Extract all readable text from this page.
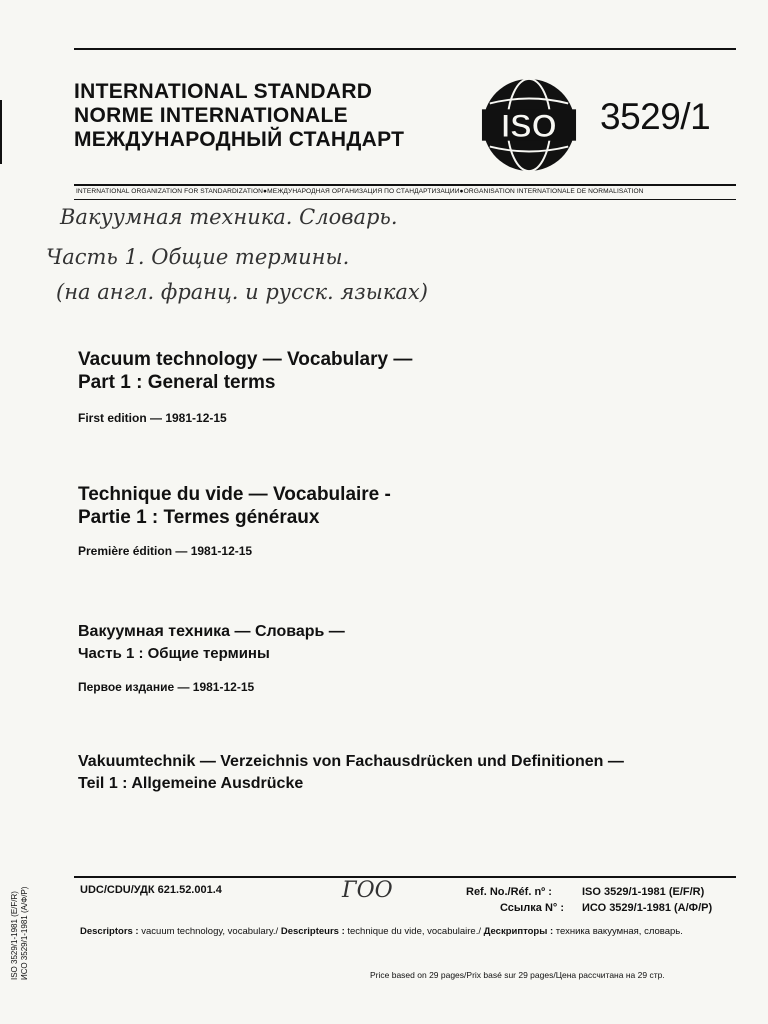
INTERNATIONAL STANDARD
NORME INTERNATIONALE
МЕЖДУНАРОДНЫЙ СТАНДАРТ	ISO 3529/1
INTERNATIONAL ORGANIZATION FOR STANDARDIZATION●МЕЖДУНАРОДНАЯ ОРГАНИЗАЦИЯ ПО СТАНДАРТИЗАЦИИ●ORGANISATION INTERNATIONALE DE NORMALISATION
Вакуумная техника. Словарь.
Часть 1. Общие термины.
(на англ. франц. и русск. языках)
Vacuum technology — Vocabulary —
Part 1 : General terms
First edition — 1981-12-15
Technique du vide — Vocabulaire -
Partie 1 : Termes généraux
Première édition — 1981-12-15
Вакуумная техника — Словарь —
Часть 1 : Общие термины
Первое издание — 1981-12-15
Vakuumtechnik — Verzeichnis von Fachausdrücken und Definitionen —
Teil 1 : Allgemeine Ausdrücke
UDC/CDU/УДК 621.52.001.4	ГОО	Ref. No./Réf. nº :	ISO 3529/1-1981 (E/F/R)
Ссылка N° : ИСО 3529/1-1981 (А/Ф/Р)
Descriptors : vacuum technology, vocabulary./ Descripteurs : technique du vide, vocabulaire./ Дескрипторы : техника вакуумная, словарь.
Price based on 29 pages/Prix basé sur 29 pages/Цена рассчитана на 29 стр.
ISO 3529/1-1981 (E/F/R) ИСО 3529/1-1981 (А/Ф/Р)
